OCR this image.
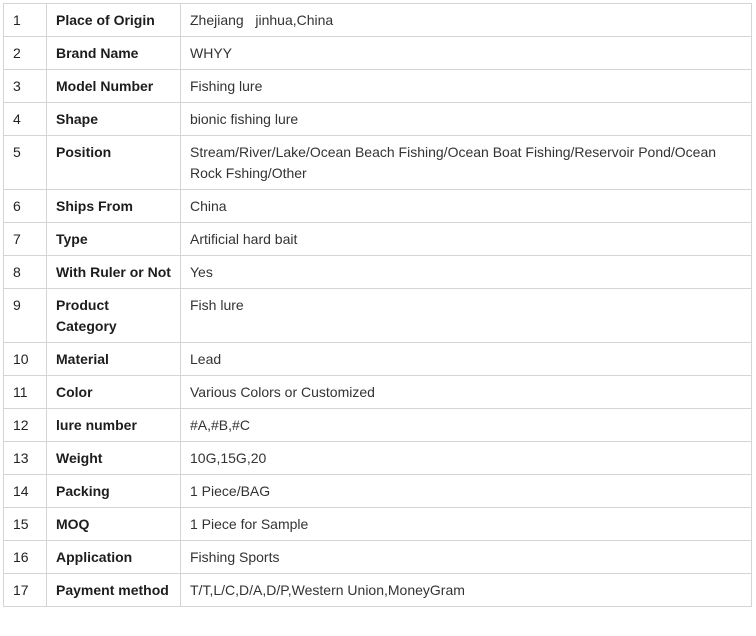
1	Place of Origin	Zhejiang   jinhua,China
2	Brand Name	WHYY
3	Model Number	Fishing lure
4	Shape	bionic fishing lure
5	Position	Stream/River/Lake/Ocean Beach Fishing/Ocean Boat Fishing/Reservoir Pond/Ocean Rock Fshing/Other
6	Ships From	China
7	Type	Artificial hard bait
8	With Ruler or Not	Yes
9	Product Category	Fish lure
10	Material	Lead
11	Color	Various Colors or Customized
12	lure number	#A,#B,#C
13	Weight	10G,15G,20
14	Packing	1 Piece/BAG
15	MOQ	1 Piece for Sample
16	Application	Fishing Sports
17	Payment method	T/T,L/C,D/A,D/P,Western Union,MoneyGram
